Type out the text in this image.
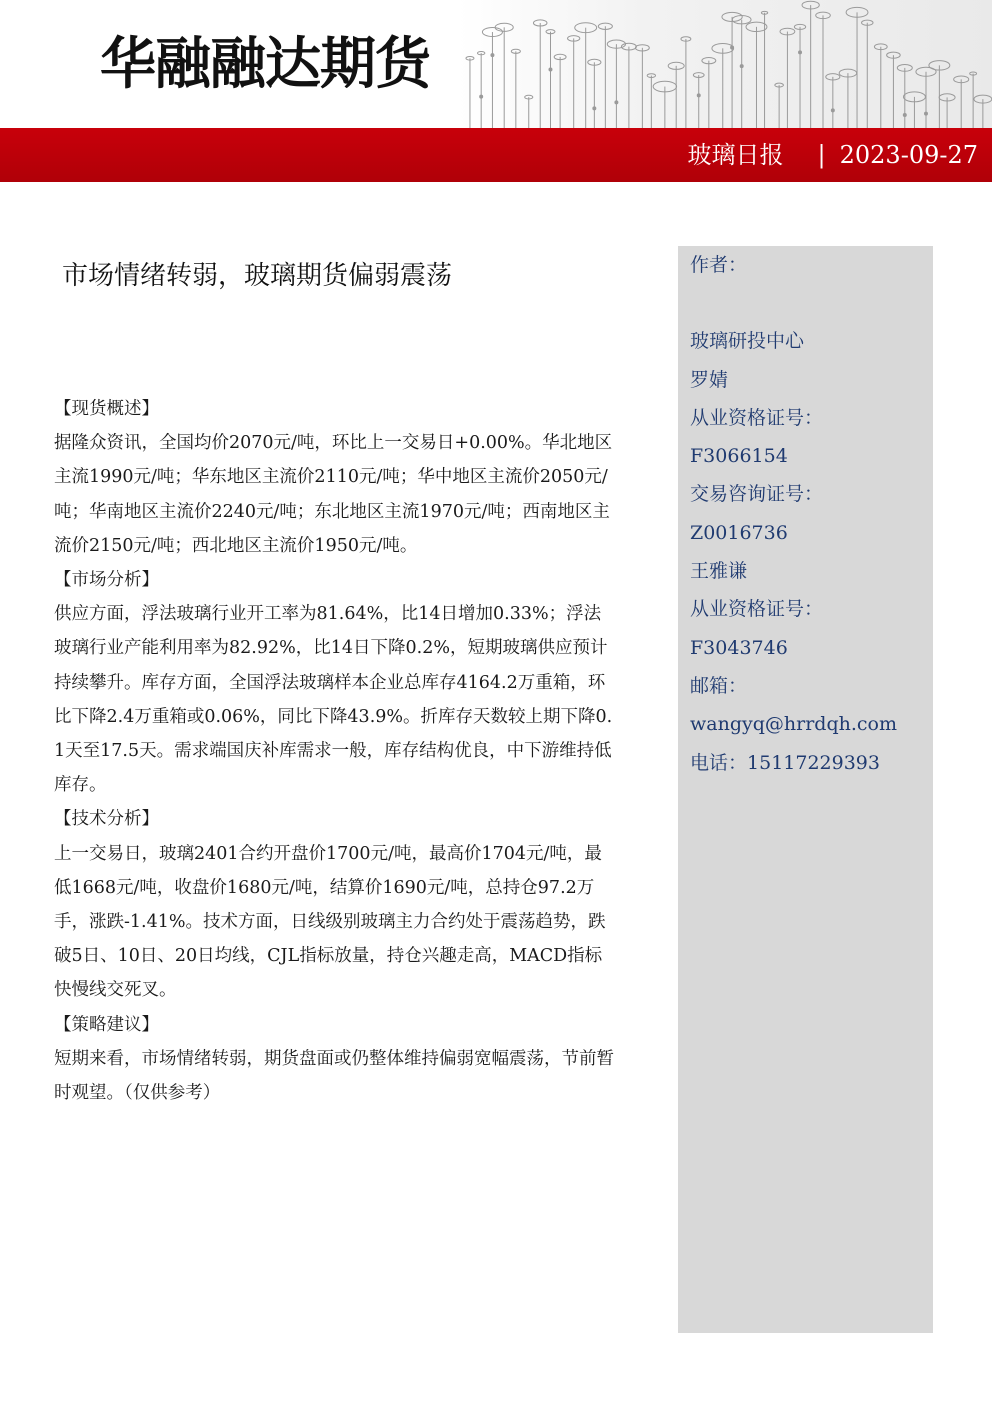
华融融达期货
玻璃日报 | 2023-09-27
市场情绪转弱，玻璃期货偏弱震荡
【现货概述】
据隆众资讯，全国均价2070元/吨，环比上一交易日+0.00%。华北地区主流1990元/吨；华东地区主流价2110元/吨；华中地区主流价2050元/吨；华南地区主流价2240元/吨；东北地区主流1970元/吨；西南地区主流价2150元/吨；西北地区主流价1950元/吨。
【市场分析】
供应方面，浮法玻璃行业开工率为81.64%，比14日增加0.33%；浮法玻璃行业产能利用率为82.92%，比14日下降0.2%，短期玻璃供应预计持续攀升。库存方面，全国浮法玻璃样本企业总库存4164.2万重箱，环比下降2.4万重箱或0.06%，同比下降43.9%。折库存天数较上期下降0.1天至17.5天。需求端国庆补库需求一般，库存结构优良，中下游维持低库存。
【技术分析】
上一交易日，玻璃2401合约开盘价1700元/吨，最高价1704元/吨，最低1668元/吨，收盘价1680元/吨，结算价1690元/吨，总持仓97.2万手，涨跌-1.41%。技术方面，日线级别玻璃主力合约处于震荡趋势，跌破5日、10日、20日均线，CJL指标放量，持仓兴趣走高，MACD指标快慢线交死叉。
【策略建议】
短期来看，市场情绪转弱，期货盘面或仍整体维持偏弱宽幅震荡，节前暂时观望。（仅供参考）
作者：
玻璃研投中心
罗婧
从业资格证号：
F3066154
交易咨询证号：
Z0016736
王雅谦
从业资格证号：
F3043746
邮箱：
wangyq@hrrdqh.com
电话：15117229393
